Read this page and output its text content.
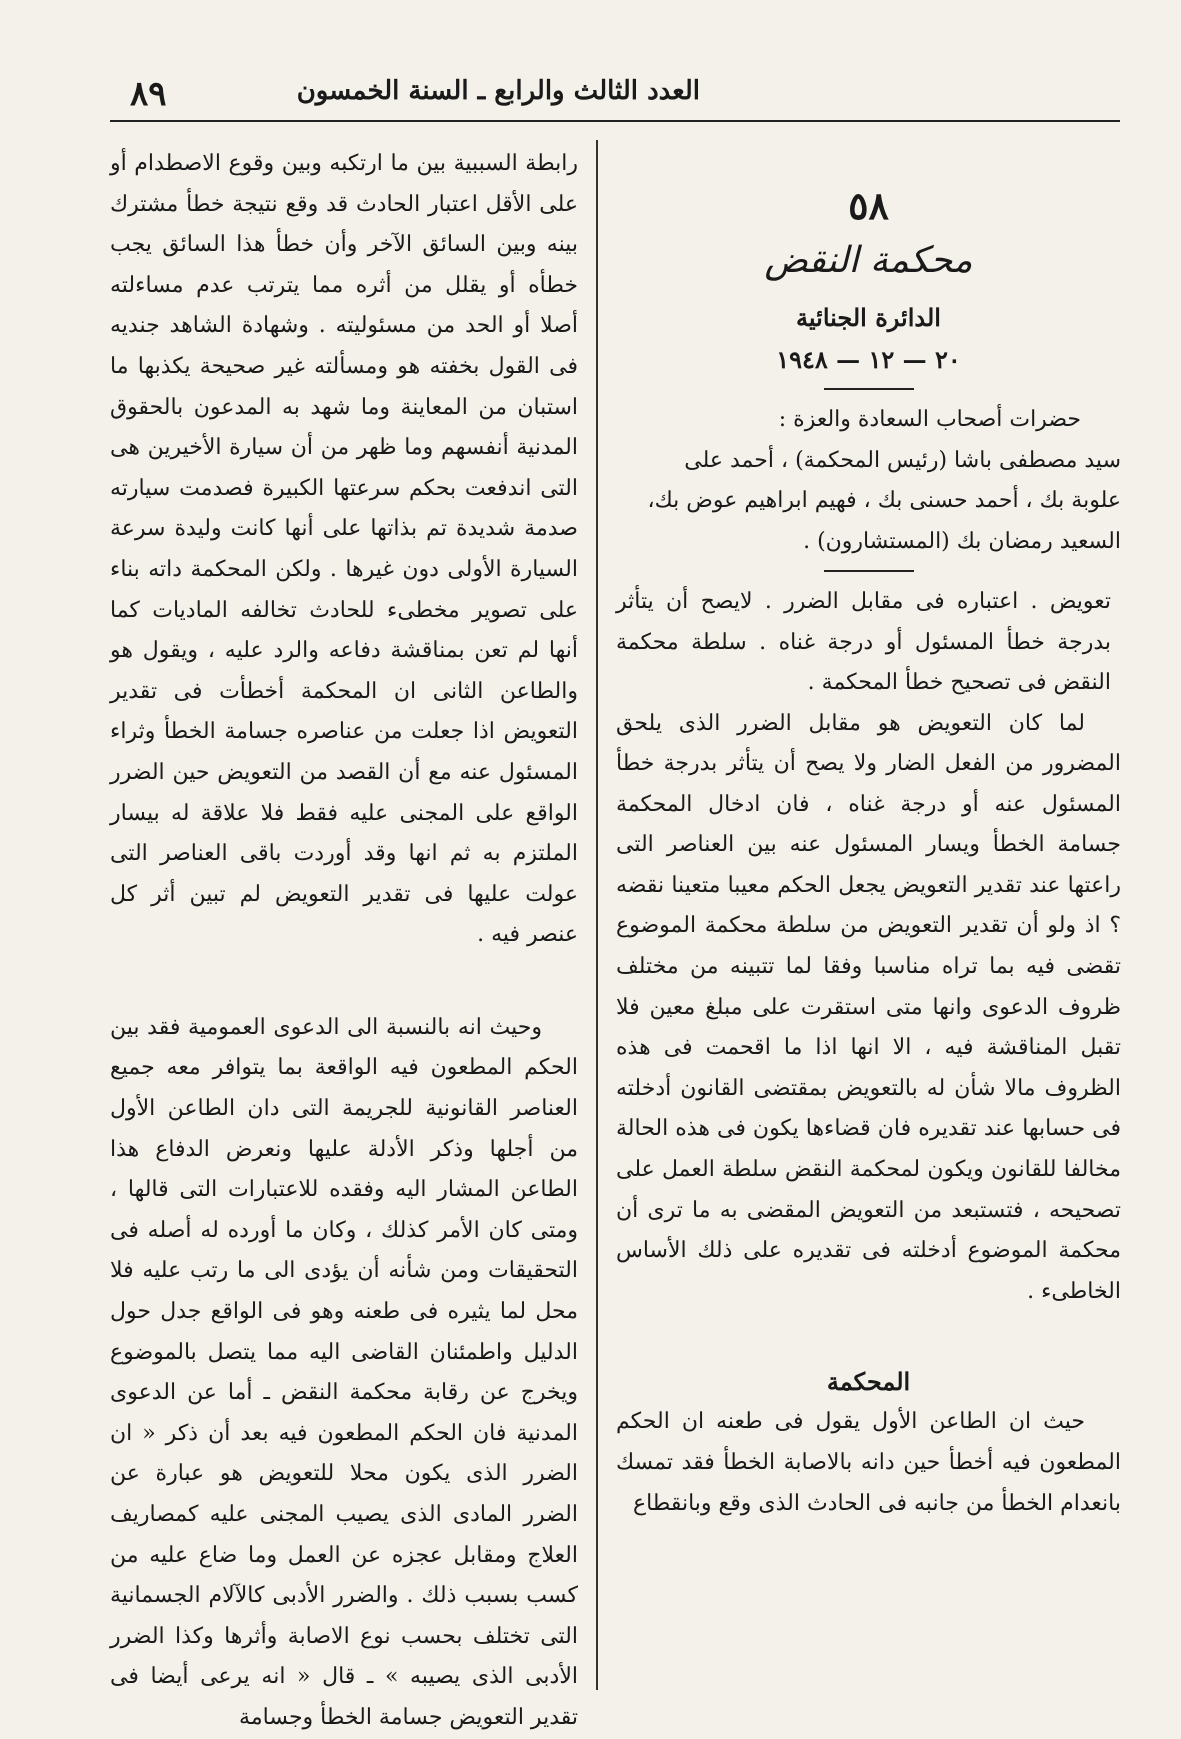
٨٩	العدد الثالث والرابع ـ السنة الخمسون
٥٨
محكمة النقض
الدائرة الجنائية
٢٠ — ١٢ — ١٩٤٨

حضرات أصحاب السعادة والعزة :

سيد مصطفى باشا (رئيس المحكمة) ، أحمد على

علوبة بك ، أحمد حسنى بك ، فهيم ابراهيم عوض بك،

السعيد رمضان بك (المستشارون) .

تعويض . اعتباره فى مقابل الضرر . لايصح أن يتأثر بدرجة خطأ المسئول أو درجة غناه . سلطة محكمة النقض فى تصحيح خطأ المحكمة .

لما كان التعويض هو مقابل الضرر الذى يلحق المضرور من الفعل الضار ولا يصح أن يتأثر بدرجة خطأ المسئول عنه أو درجة غناه ، فان ادخال المحكمة جسامة الخطأ ويسار المسئول عنه بين العناصر التى راعتها عند تقدير التعويض يجعل الحكم معيبا متعينا نقضه ؟ اذ ولو أن تقدير التعويض من سلطة محكمة الموضوع تقضى فيه بما تراه مناسبا وفقا لما تتبينه من مختلف ظروف الدعوى وانها متى استقرت على مبلغ معين فلا تقبل المناقشة فيه ، الا انها اذا ما اقحمت فى هذه الظروف مالا شأن له بالتعويض بمقتضى القانون أدخلته فى حسابها عند تقديره فان قضاءها يكون فى هذه الحالة مخالفا للقانون ويكون لمحكمة النقض سلطة العمل على تصحيحه ، فتستبعد من التعويض المقضى به ما ترى أن محكمة الموضوع أدخلته فى تقديره على ذلك الأساس الخاطىء .

المحكمة

حيث ان الطاعن الأول يقول فى طعنه ان الحكم المطعون فيه أخطأ حين دانه بالاصابة الخطأ فقد تمسك بانعدام الخطأ من جانبه فى الحادث الذى وقع وبانقطاع

رابطة السببية بين ما ارتكبه وبين وقوع الاصطدام أو على الأقل اعتبار الحادث قد وقع نتيجة خطأ مشترك بينه وبين السائق الآخر وأن خطأ هذا السائق يجب خطأه أو يقلل من أثره مما يترتب عدم مساءلته أصلا أو الحد من مسئوليته . وشهادة الشاهد جنديه فى القول بخفته هو ومسألته غير صحيحة يكذبها ما استبان من المعاينة وما شهد به المدعون بالحقوق المدنية أنفسهم وما ظهر من أن سيارة الأخيرين هى التى اندفعت بحكم سرعتها الكبيرة فصدمت سيارته صدمة شديدة تم بذاتها على أنها كانت وليدة سرعة السيارة الأولى دون غيرها . ولكن المحكمة داته بناء على تصوير مخطىء للحادث تخالفه الماديات كما أنها لم تعن بمناقشة دفاعه والرد عليه ، ويقول هو والطاعن الثانى ان المحكمة أخطأت فى تقدير التعويض اذا جعلت من عناصره جسامة الخطأ وثراء المسئول عنه مع أن القصد من التعويض حين الضرر الواقع على المجنى عليه فقط فلا علاقة له بيسار الملتزم به ثم انها وقد أوردت باقى العناصر التى عولت عليها فى تقدير التعويض لم تبين أثر كل عنصر فيه .

وحيث انه بالنسبة الى الدعوى العمومية فقد بين الحكم المطعون فيه الواقعة بما يتوافر معه جميع العناصر القانونية للجريمة التى دان الطاعن الأول من أجلها وذكر الأدلة عليها ونعرض الدفاع هذا الطاعن المشار اليه وفقده للاعتبارات التى قالها ، ومتى كان الأمر كذلك ، وكان ما أورده له أصله فى التحقيقات ومن شأنه أن يؤدى الى ما رتب عليه فلا محل لما يثيره فى طعنه وهو فى الواقع جدل حول الدليل واطمئنان القاضى اليه مما يتصل بالموضوع ويخرج عن رقابة محكمة النقض ـ أما عن الدعوى المدنية فان الحكم المطعون فيه بعد أن ذكر « ان الضرر الذى يكون محلا للتعويض هو عبارة عن الضرر المادى الذى يصيب المجنى عليه كمصاريف العلاج ومقابل عجزه عن العمل وما ضاع عليه من كسب بسبب ذلك . والضرر الأدبى كالآلام الجسمانية التى تختلف بحسب نوع الاصابة وأثرها وكذا الضرر الأدبى الذى يصيبه » ـ قال « انه يرعى أيضا فى تقدير التعويض جسامة الخطأ وجسامة
